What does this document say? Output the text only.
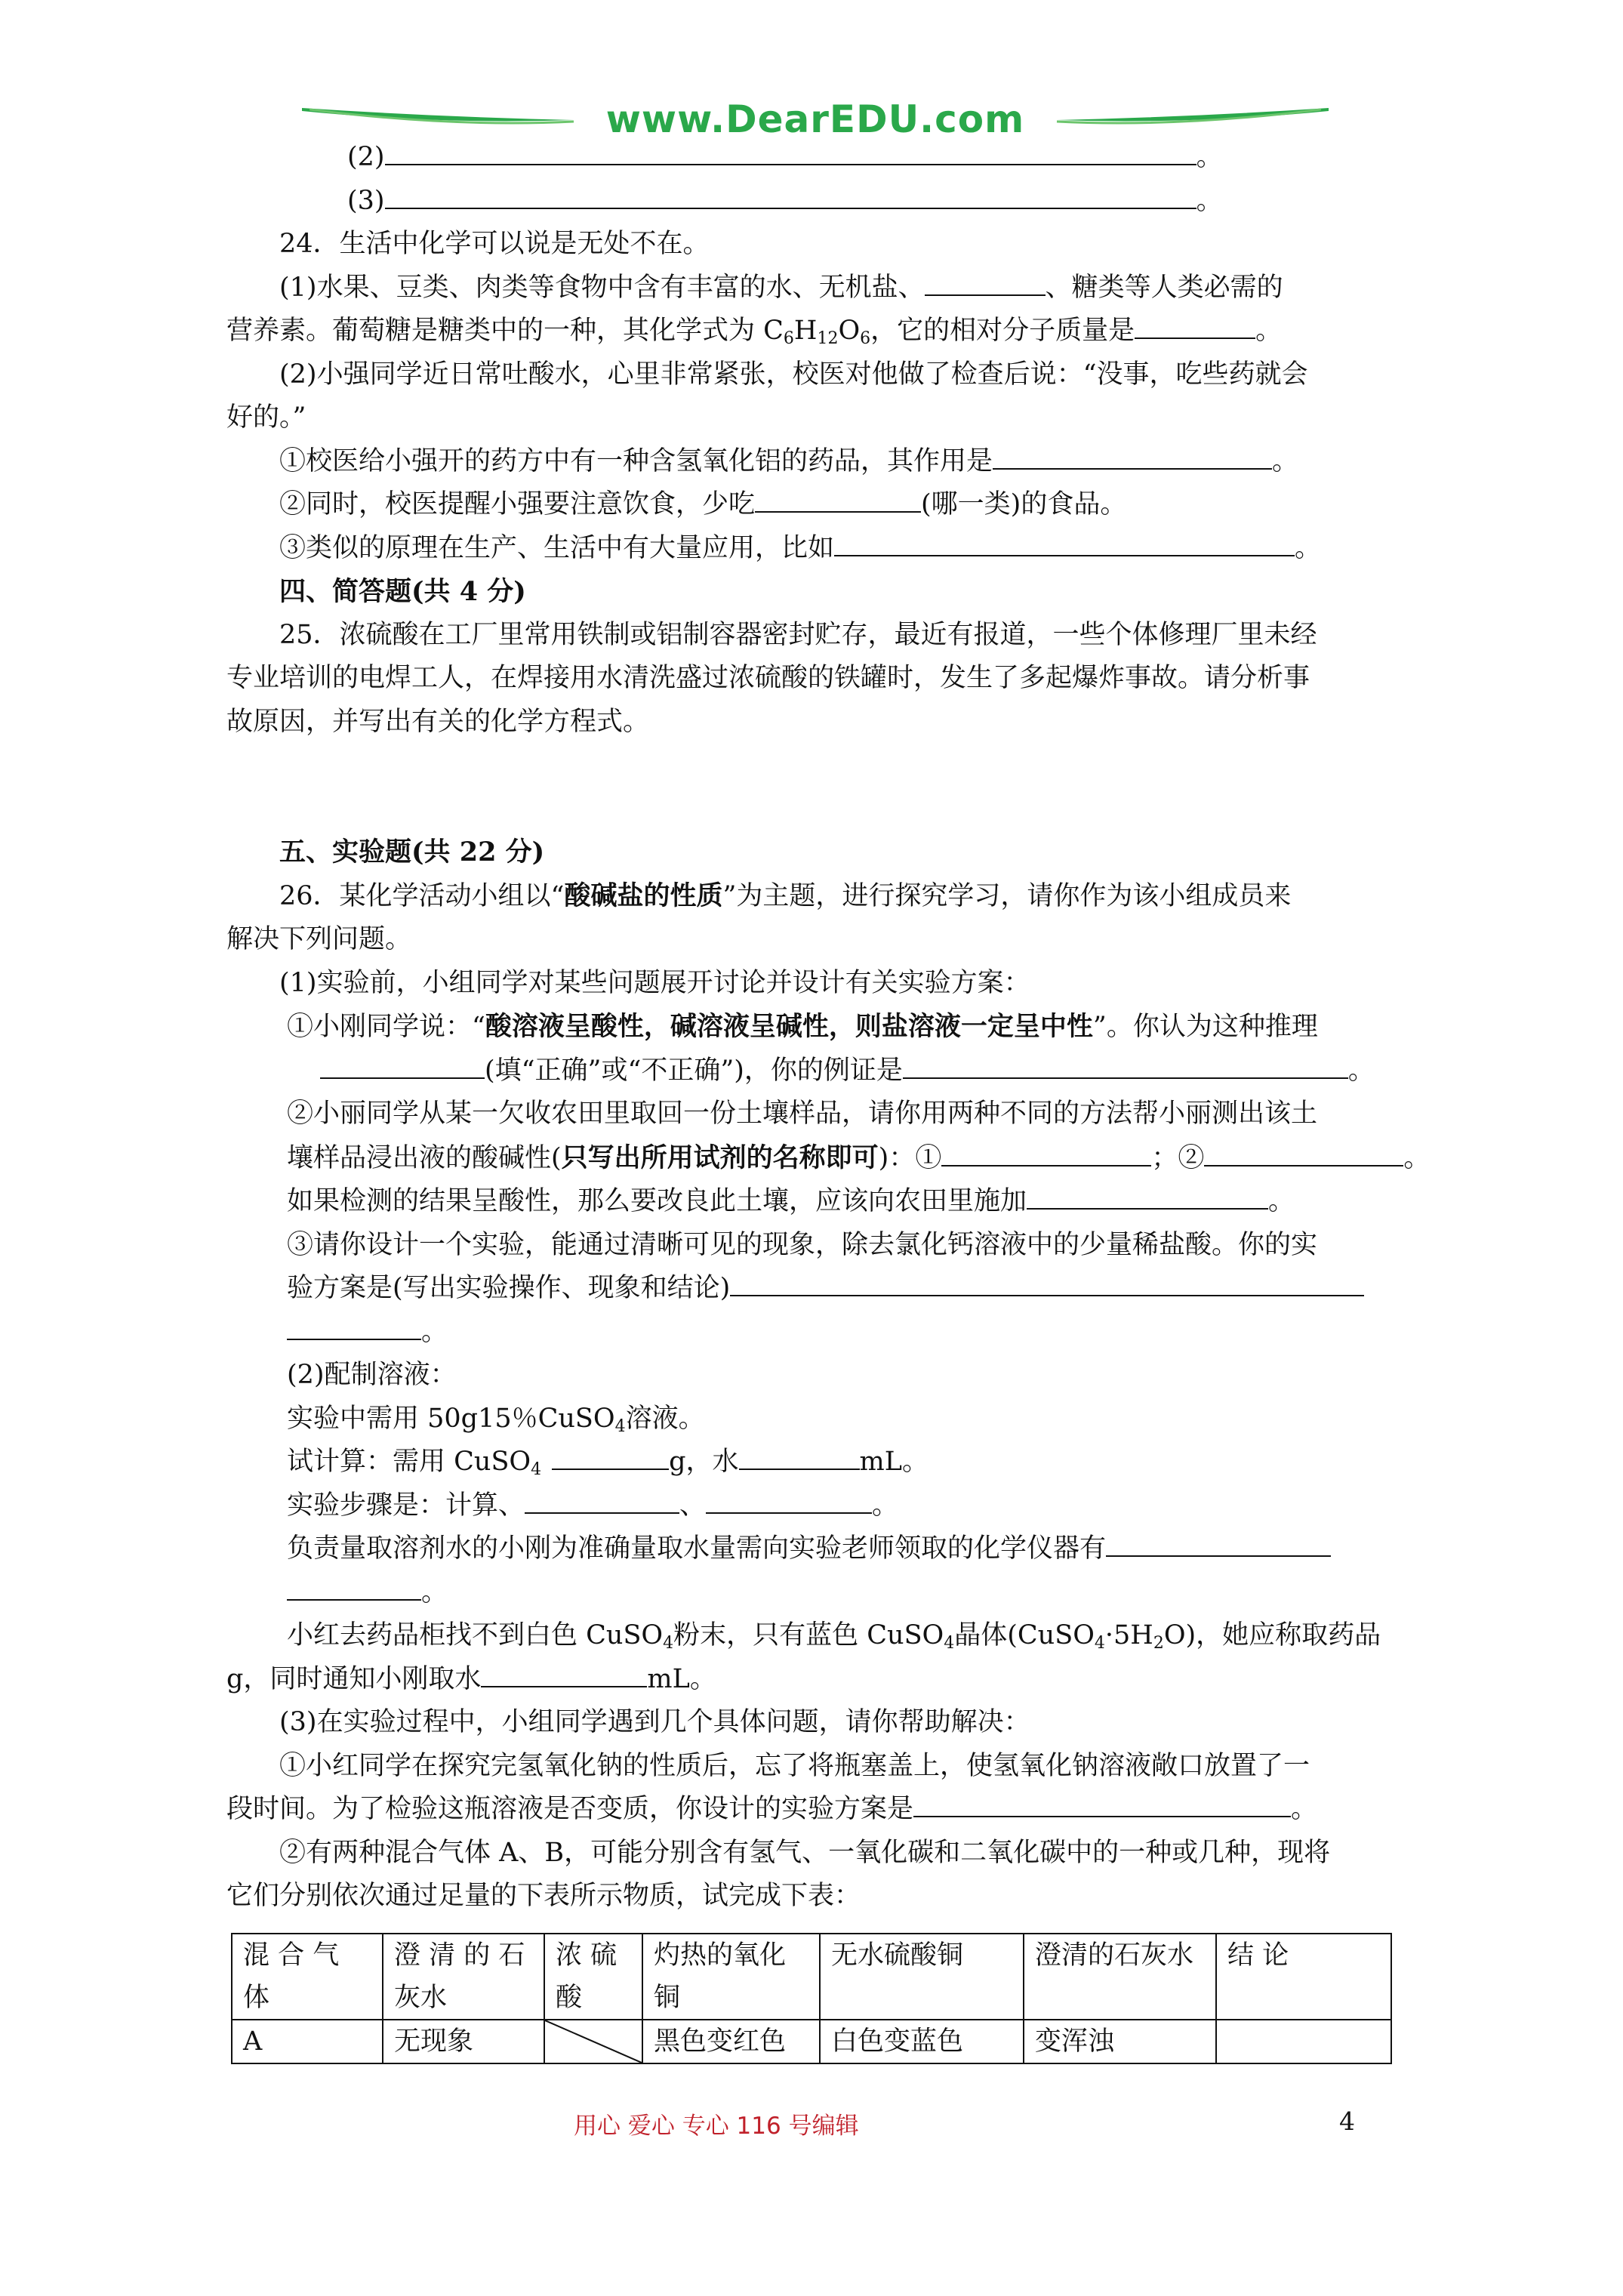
www.DearEDU.com

(2)	。

(3)	。

24．生活中化学可以说是无处不在。

(1)水果、豆类、肉类等食物中含有丰富的水、无机盐、	、糖类等人类必需的

营养素。葡萄糖是糖类中的一种，其化学式为 $C_6H_{12}O_6$，它的相对分子质量是	。

(2)小强同学近日常吐酸水，心里非常紧张，校医对他做了检查后说：“没事，吃些药就会

好的。”

①校医给小强开的药方中有一种含氢氧化铝的药品，其作用是	。

②同时，校医提醒小强要注意饮食，少吃	(哪一类)的食品。

③类似的原理在生产、生活中有大量应用，比如	。

四、简答题(共 4 分)

25．浓硫酸在工厂里常用铁制或铝制容器密封贮存，最近有报道，一些个体修理厂里未经

专业培训的电焊工人，在焊接用水清洗盛过浓硫酸的铁罐时，发生了多起爆炸事故。请分析事

故原因，并写出有关的化学方程式。

五、实验题(共 22 分)

26．某化学活动小组以“酸碱盐的性质”为主题，进行探究学习，请你作为该小组成员来

解决下列问题。

(1)实验前，小组同学对某些问题展开讨论并设计有关实验方案：

①小刚同学说：“酸溶液呈酸性，碱溶液呈碱性，则盐溶液一定呈中性”。你认为这种推理

(填“正确”或“不正确”)，你的例证是	。

②小丽同学从某一欠收农田里取回一份土壤样品，请你用两种不同的方法帮小丽测出该土

壤样品浸出液的酸碱性(只写出所用试剂的名称即可)：①	；②	。

如果检测的结果呈酸性，那么要改良此土壤，应该向农田里施加	。

③请你设计一个实验，能通过清晰可见的现象，除去氯化钙溶液中的少量稀盐酸。你的实

验方案是(写出实验操作、现象和结论)

。

(2)配制溶液：

实验中需用 50g15％CuSO$_4$溶液。

试计算：需用 CuSO$_4$	g，水	mL。

实验步骤是：计算、	、	。

负责量取溶剂水的小刚为准确量取水量需向实验老师领取的化学仪器有

。

小红去药品柜找不到白色 CuSO$_4$粉末，只有蓝色 CuSO$_4$晶体$(CuSO_4\cdot 5H_2O)$，她应称取药品

g，同时通知小刚取水	mL。

(3)在实验过程中，小组同学遇到几个具体问题，请你帮助解决：

①小红同学在探究完氢氧化钠的性质后，忘了将瓶塞盖上，使氢氧化钠溶液敞口放置了一

段时间。为了检验这瓶溶液是否变质，你设计的实验方案是	。

②有两种混合气体 A、B，可能分别含有氢气、一氧化碳和二氧化碳中的一种或几种，现将

它们分别依次通过足量的下表所示物质，试完成下表：

混 合 气 体	澄 清 的 石 灰水	浓 硫 酸	灼热的氧化铜	无水硫酸铜	澄清的石灰水	结 论
A	无现象		黑色变红色	白色变蓝色	变浑浊	
用心 爱心 专心 116 号编辑	4
